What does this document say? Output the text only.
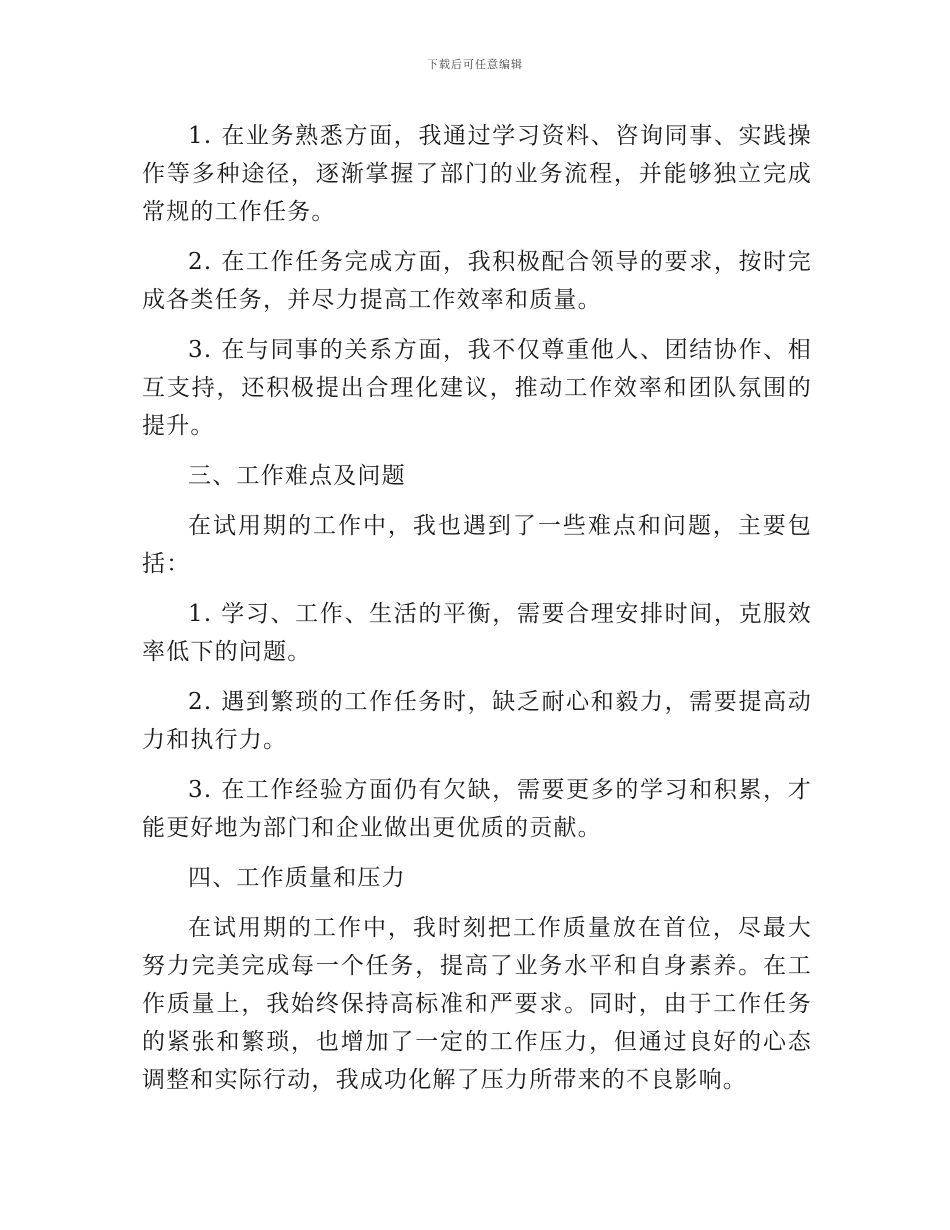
下载后可任意编辑

1. 在业务熟悉方面，我通过学习资料、咨询同事、实践操作等多种途径，逐渐掌握了部门的业务流程，并能够独立完成常规的工作任务。

2. 在工作任务完成方面，我积极配合领导的要求，按时完成各类任务，并尽力提高工作效率和质量。

3. 在与同事的关系方面，我不仅尊重他人、团结协作、相互支持，还积极提出合理化建议，推动工作效率和团队氛围的提升。

三、工作难点及问题

在试用期的工作中，我也遇到了一些难点和问题，主要包括：

1. 学习、工作、生活的平衡，需要合理安排时间，克服效率低下的问题。

2. 遇到繁琐的工作任务时，缺乏耐心和毅力，需要提高动力和执行力。

3. 在工作经验方面仍有欠缺，需要更多的学习和积累，才能更好地为部门和企业做出更优质的贡献。

四、工作质量和压力

在试用期的工作中，我时刻把工作质量放在首位，尽最大努力完美完成每一个任务，提高了业务水平和自身素养。在工作质量上，我始终保持高标准和严要求。同时，由于工作任务的紧张和繁琐，也增加了一定的工作压力，但通过良好的心态调整和实际行动，我成功化解了压力所带来的不良影响。
